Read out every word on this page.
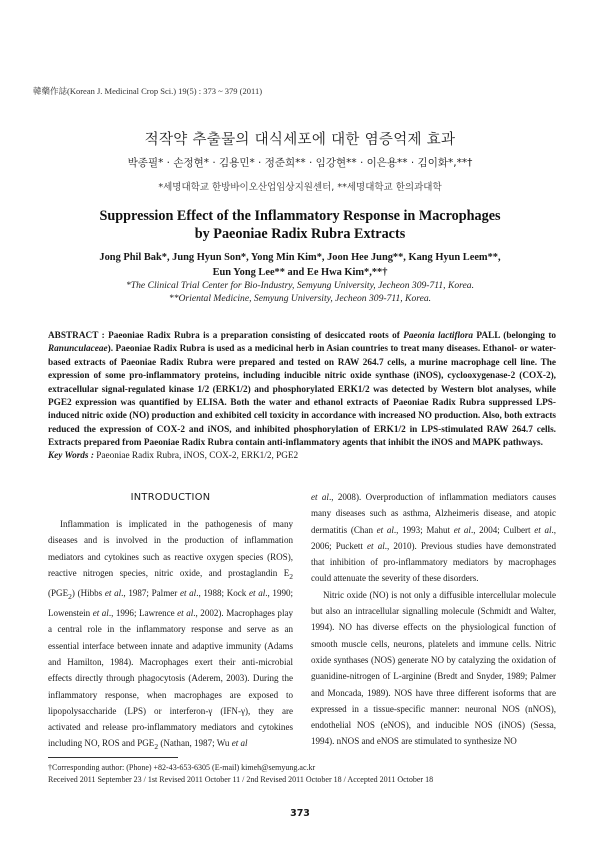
韓藥作誌(Korean J. Medicinal Crop Sci.) 19(5) : 373 ~ 379 (2011)
적작약 추출물의 대식세포에 대한 염증억제 효과
박종필* · 손정현* · 김용민* · 정준희** · 임강현** · 이은용** · 김이화*,**†
*세명대학교 한방바이오산업임상지원센터, **세명대학교 한의과대학
Suppression Effect of the Inflammatory Response in Macrophages
by Paeoniae Radix Rubra Extracts
Jong Phil Bak*, Jung Hyun Son*, Yong Min Kim*, Joon Hee Jung**, Kang Hyun Leem**,
Eun Yong Lee** and Ee Hwa Kim*,**†
*The Clinical Trial Center for Bio-Industry, Semyung University, Jecheon 309-711, Korea.
**Oriental Medicine, Semyung University, Jecheon 309-711, Korea.
ABSTRACT : Paeoniae Radix Rubra is a preparation consisting of desiccated roots of Paeonia lactiflora PALL (belonging to Ranunculaceae). Paeoniae Radix Rubra is used as a medicinal herb in Asian countries to treat many diseases. Ethanol- or water-based extracts of Paeoniae Radix Rubra were prepared and tested on RAW 264.7 cells, a murine macrophage cell line. The expression of some pro-inflammatory proteins, including inducible nitric oxide synthase (iNOS), cyclooxygenase-2 (COX-2), extracellular signal-regulated kinase 1/2 (ERK1/2) and phosphorylated ERK1/2 was detected by Western blot analyses, while PGE2 expression was quantified by ELISA. Both the water and ethanol extracts of Paeoniae Radix Rubra suppressed LPS-induced nitric oxide (NO) production and exhibited cell toxicity in accordance with increased NO production. Also, both extracts reduced the expression of COX-2 and iNOS, and inhibited phosphorylation of ERK1/2 in LPS-stimulated RAW 264.7 cells. Extracts prepared from Paeoniae Radix Rubra contain anti-inflammatory agents that inhibit the iNOS and MAPK pathways.
Key Words : Paeoniae Radix Rubra, iNOS, COX-2, ERK1/2, PGE2
INTRODUCTION

Inflammation is implicated in the pathogenesis of many diseases and is involved in the production of inflammation mediators and cytokines such as reactive oxygen species (ROS), reactive nitrogen species, nitric oxide, and prostaglandin $E_2$ $(PGE_2)$ (Hibbs et al., 1987; Palmer et al., 1988; Kock et al., 1990; Lowenstein et al., 1996; Lawrence et al., 2002). Macrophages play a central role in the inflammatory response and serve as an essential interface between innate and adaptive immunity (Adams and Hamilton, 1984). Macrophages exert their anti-microbial effects directly through phagocytosis (Aderem, 2003). During the inflammatory response, when macrophages are exposed to lipopolysaccharide (LPS) or interferon-γ (IFN-γ), they are activated and release pro-inflammatory mediators and cytokines including NO, ROS and $PGE_2$ (Nathan, 1987; Wu et al

et al., 2008). Overproduction of inflammation mediators causes many diseases such as asthma, Alzheimeris disease, and atopic dermatitis (Chan et al., 1993; Mahut et al., 2004; Culbert et al., 2006; Puckett et al., 2010). Previous studies have demonstrated that inhibition of pro-inflammatory mediators by macrophages could attenuate the severity of these disorders.

Nitric oxide (NO) is not only a diffusible intercellular molecule but also an intracellular signalling molecule (Schmidt and Walter, 1994). NO has diverse effects on the physiological function of smooth muscle cells, neurons, platelets and immune cells. Nitric oxide synthases (NOS) generate NO by catalyzing the oxidation of guanidine-nitrogen of L-arginine (Bredt and Snyder, 1989; Palmer and Moncada, 1989). NOS have three different isoforms that are expressed in a tissue-specific manner: neuronal NOS (nNOS), endothelial NOS (eNOS), and inducible NOS (iNOS) (Sessa, 1994). nNOS and eNOS are stimulated to synthesize NO

†Corresponding author: (Phone) +82-43-653-6305 (E-mail) kimeh@semyung.ac.kr
Received 2011 September 23 / 1st Revised 2011 October 11 / 2nd Revised 2011 October 18 / Accepted 2011 October 18
373
